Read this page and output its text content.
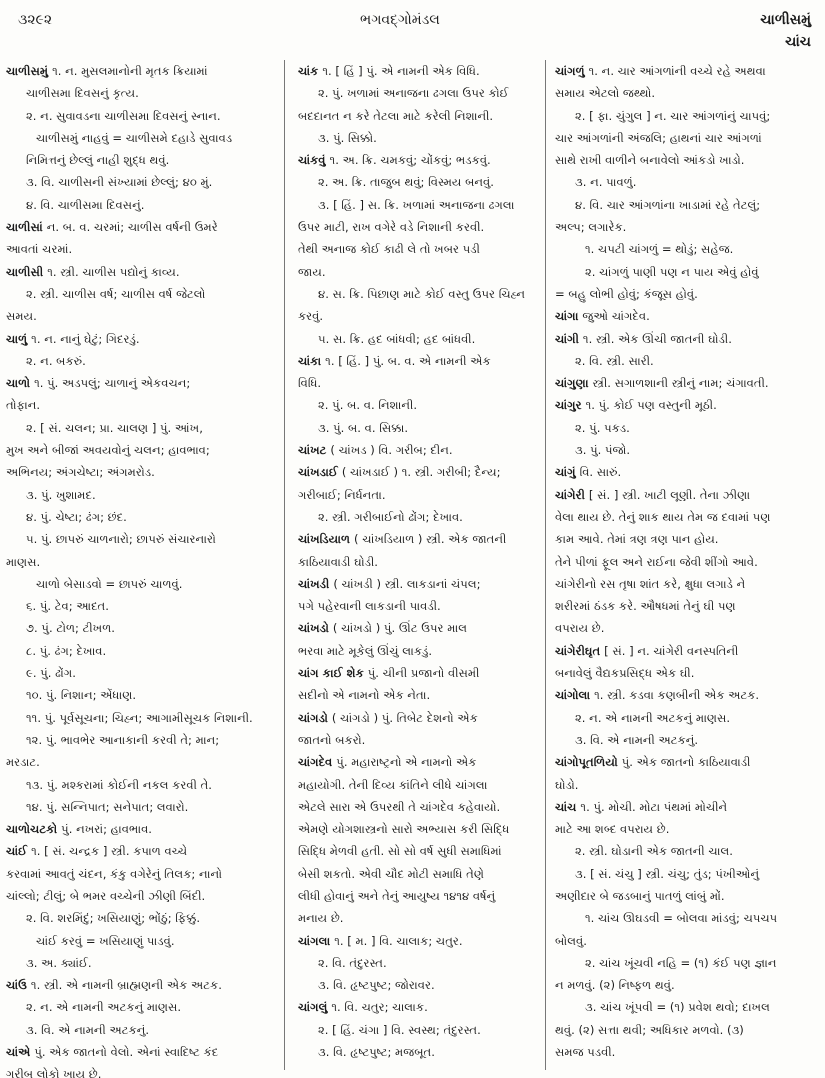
૩૨૯૨	ભગવદ્ગોમંડલ	ચાળીસમું
ચાંચ
ચાળીસમું ૧. ન. મુસલમાનોની મૃતક ક્રિયામાં
ચાળીસમા દિવસનું કૃત્ય.
૨. ન. સુવાવડના ચાળીસમા દિવસનું સ્નાન.
ચાળીસમું નાહવું = ચાળીસમે દહાડે સુવાવડ
નિમિત્તનું છેલ્લું નાહી શુદ્ધ થવું.
૩. વિ. ચાળીસની સંખ્યામાં છેલ્લું; ૪૦ મું.
૪. વિ. ચાળીસમા દિવસનું.
ચાળીસાં ન. બ. વ. ચરમાં; ચાળીસ વર્ષની ઉમરે
આવતાં ચરમાં.
ચાળીસી ૧. સ્ત્રી. ચાળીસ પદ્યોનું કાવ્ય.
૨. સ્ત્રી. ચાળીસ વર્ષ; ચાળીસ વર્ષ જેટલો
સમય.
ચાળું ૧. ન. નાનું ઘેટું; ગિદરડું.
૨. ન. બકરું.
ચાળો ૧. પું. અડપલું; ચાળાનું એકવચન;
તોફાન.
૨. [ સં. ચલન; પ્રા. ચાલણ ] પું. આંખ,
મુખ અને બીજાં અવયવોનું ચલન; હાવભાવ;
અભિનય; અંગચેષ્ટા; અંગમરોડ.
૩. પું. ખુશામદ.
૪. પું. ચેષ્ટા; ઢંગ; છંદ.
૫. પું. છાપરું ચાળનારો; છાપરું સંચારનારો
માણસ.
ચાળો બેસાડવો = છાપરું ચાળવું.
૬. પું. ટેવ; આદત.
૭. પું. ટોળ; ટીખળ.
૮. પું. ઢંગ; દેખાવ.
૯. પું. ઢોંગ.
૧૦. પું. નિશાન; એંધાણ.
૧૧. પું. પૂર્વસૂચના; ચિહ્ન; આગામીસૂચક નિશાની.
૧૨. પું. ભાવભેર આનાકાની કરવી તે; માન;
મરડાટ.
૧૩. પું. મશ્કરામાં કોઈની નકલ કરવી તે.
૧૪. પું. સન્નિપાત; સનેપાત; લવારો.
ચાળોચટકો પું. નખરાં; હાવભાવ.
ચાંઈ ૧. [ સં. ચન્દ્રક ] સ્ત્રી. કપાળ વચ્ચે
કરવામાં આવતું ચંદન, કંકુ વગેરેનું તિલક; નાનો
ચાંલ્લો; ટીલું; બે ભમર વચ્ચેની ઝીણી બિંદી.
૨. વિ. શરમિંદું; ખસિયાણું; ભોંઠું; ફિક્કું.
ચાંઈ કરવું = ખસિયાણું પાડવું.
૩. અ. ક્યાંઈ.
ચાંઉ ૧. સ્ત્રી. એ નામની બ્રાહ્મણની એક અટક.
૨. ન. એ નામની અટકનું માણસ.
૩. વિ. એ નામની અટકનું.
ચાંએ પું. એક જાતનો વેલો. એનાં સ્વાદિષ્ટ કંદ
ગરીબ લોકો ખાય છે.
ચાંક ૧. [ હિં ] પું. એ નામની એક વિધિ.
૨. પું. ખળામાં અનાજના ઢગલા ઉપર કોઈ
બદદાનત ન કરે તેટલા માટે કરેલી નિશાની.
૩. પું. સિક્કો.
ચાંકવું ૧. અ. ક્રિ. ચમકવું; ચોંકવું; ભડકવું.
૨. અ. ક્રિ. તાજુબ થવું; વિસ્મય બનવું.
૩. [ હિં. ] સ. ક્રિ. ખળામાં અનાજના ઢગલા
ઉપર માટી, રાખ વગેરે વડે નિશાની કરવી.
તેથી અનાજ કોઈ કાઢી લે તો ખબર પડી
જાય.
૪. સ. ક્રિ. પિછાણ માટે કોઈ વસ્તુ ઉપર ચિહ્ન
કરવું.
૫. સ. ક્રિ. હદ બાંધવી; હદ બાંધવી.
ચાંકા ૧. [ હિં. ] પું. બ. વ. એ નામની એક
વિધિ.
૨. પું. બ. વ. નિશાની.
૩. પું. બ. વ. સિક્કા.
ચાંખટ ( ચાંખડ ) વિ. ગરીબ; દીન.
ચાંખડાઈ ( ચાંખડાઈ ) ૧. સ્ત્રી. ગરીબી; દૈન્ય;
ગરીબાઈ; નિર્ધનતા.
૨. સ્ત્રી. ગરીબાઈનો ઢોંગ; દેખાવ.
ચાંખડિયાળ ( ચાંખડિયાળ ) સ્ત્રી. એક જાતની
કાઠિયાવાડી ઘોડી.
ચાંખડી ( ચાંખડી ) સ્ત્રી. લાકડાનાં ચંપલ;
પગે પહેરવાની લાકડાની પાવડી.
ચાંખડો ( ચાંખડો ) પું. ઊંટ ઉપર માલ
ભરવા માટે મૂકેલું ઊંચું લાકડું.
ચાંગ કાઈ શેક પું. ચીની પ્રજાનો વીસમી
સદીનો એ નામનો એક નેતા.
ચાંગડો ( ચાંગડો ) પું. તિબેટ દેશનો એક
જાતનો બકરો.
ચાંગદેવ પું. મહારાષ્ટ્રનો એ નામનો એક
મહાયોગી. તેની દિવ્ય કાંતિને લીધે ચાંગલા
એટલે સારા એ ઉપરથી તે ચાંગદેવ કહેવાયો.
એમણે યોગશાસ્ત્રનો સારો અભ્યાસ કરી સિદ્ધિ
સિદ્ધિ મેળવી હતી. સો સો વર્ષ સુધી સમાધિમાં
બેસી શકતો. એવી ચૌદ મોટી સમાધિ તેણે
લીધી હોવાનું અને તેનું આયુષ્ય ૧૪૧૪ વર્ષનું
મનાય છે.
ચાંગલા ૧. [ મ. ] વિ. ચાલાક; ચતુર.
૨. વિ. તંદુરસ્ત.
૩. વિ. હૃષ્ટપુષ્ટ; જોરાવર.
ચાંગલું ૧. વિ. ચતુર; ચાલાક.
૨. [ હિં. ચંગા ] વિ. સ્વસ્થ; તંદુરસ્ત.
૩. વિ. હૃષ્ટપુષ્ટ; મજબૂત.
ચાંગળું ૧. ન. ચાર આંગળાંની વચ્ચે રહે અથવા
સમાય એટલો જથ્થો.
૨. [ ફા. ચુંગુલ ] ન. ચાર આંગળાંનું ચાપવું;
ચાર આંગળાંની અંજલિ; હાથનાં ચાર આંગળાં
સાથે રાખી વાળીને બનાવેલો આંકડો ખાડો.
૩. ન. પાવળું.
૪. વિ. ચાર આંગળાંના ખાડામાં રહે તેટલું;
અલ્પ; લગારેક.
૧. ચપટી ચાંગળું = થોડું; સહેજ.
૨. ચાંગળું પાણી પણ ન પાય એવું હોવું
= બહુ લોભી હોવું; કંજૂસ હોવું.
ચાંગા જુઓ ચાંગદેવ.
ચાંગી ૧. સ્ત્રી. એક ઊંચી જાતની ઘોડી.
૨. વિ. સ્ત્રી. સારી.
ચાંગુણા સ્ત્રી. સગાળશાની સ્ત્રીનું નામ; ચંગાવતી.
ચાંગુર ૧. પું. કોઈ પણ વસ્તુની મૂઠી.
૨. પું. પકડ.
૩. પું. પંજો.
ચાંગું વિ. સારું.
ચાંગેરી [ સં. ] સ્ત્રી. ખાટી લૂણી. તેના ઝીણા
વેલા થાય છે. તેનું શાક થાય તેમ જ દવામાં પણ
કામ આવે. તેમાં ત્રણ ત્રણ પાન હોય.
તેને પીળાં ફૂલ અને રાઈના જેવી શીંગો આવે.
ચાંગેરીનો રસ તૃષા શાંત કરે, ક્ષુધા લગાડે ને
શરીરમાં ઠંડક કરે. ઔષધમાં તેનું ઘી પણ
વપરાય છે.
ચાંગેરીઘૃત [ સં. ] ન. ચાંગેરી વનસ્પતિની
બનાવેલું વૈદ્યકપ્રસિદ્ધ એક ઘી.
ચાંગોલા ૧. સ્ત્રી. કડવા કણબીની એક અટક.
૨. ન. એ નામની અટકનું માણસ.
૩. વિ. એ નામની અટકનું.
ચાંગોપૂતળિયો પું. એક જાતનો કાઠિયાવાડી
ઘોડો.
ચાંચ ૧. પું. મોચી. મોટા પંથમાં મોચીને
માટે આ શબ્દ વપરાય છે.
૨. સ્ત્રી. ઘોડાની એક જાતની ચાલ.
૩. [ સં. ચંચુ ] સ્ત્રી. ચંચુ; તુંડ; પંખીઓનું
અણીદાર બે જડબાનું પાતળું લાંબું મોં.
૧. ચાંચ ઊઘડવી = બોલવા માંડવું; ચપચપ
બોલવું.
૨. ચાંચ ખૂંચવી નહિ = (૧) કંઈ પણ જ્ઞાન
ન મળવું. (૨) નિષ્ફળ થવું.
૩. ચાંચ ખૂંપવી = (૧) પ્રવેશ થવો; દાખલ
થવું. (૨) સત્તા થવી; અધિકાર મળવો. (૩)
સમજ પડવી.
